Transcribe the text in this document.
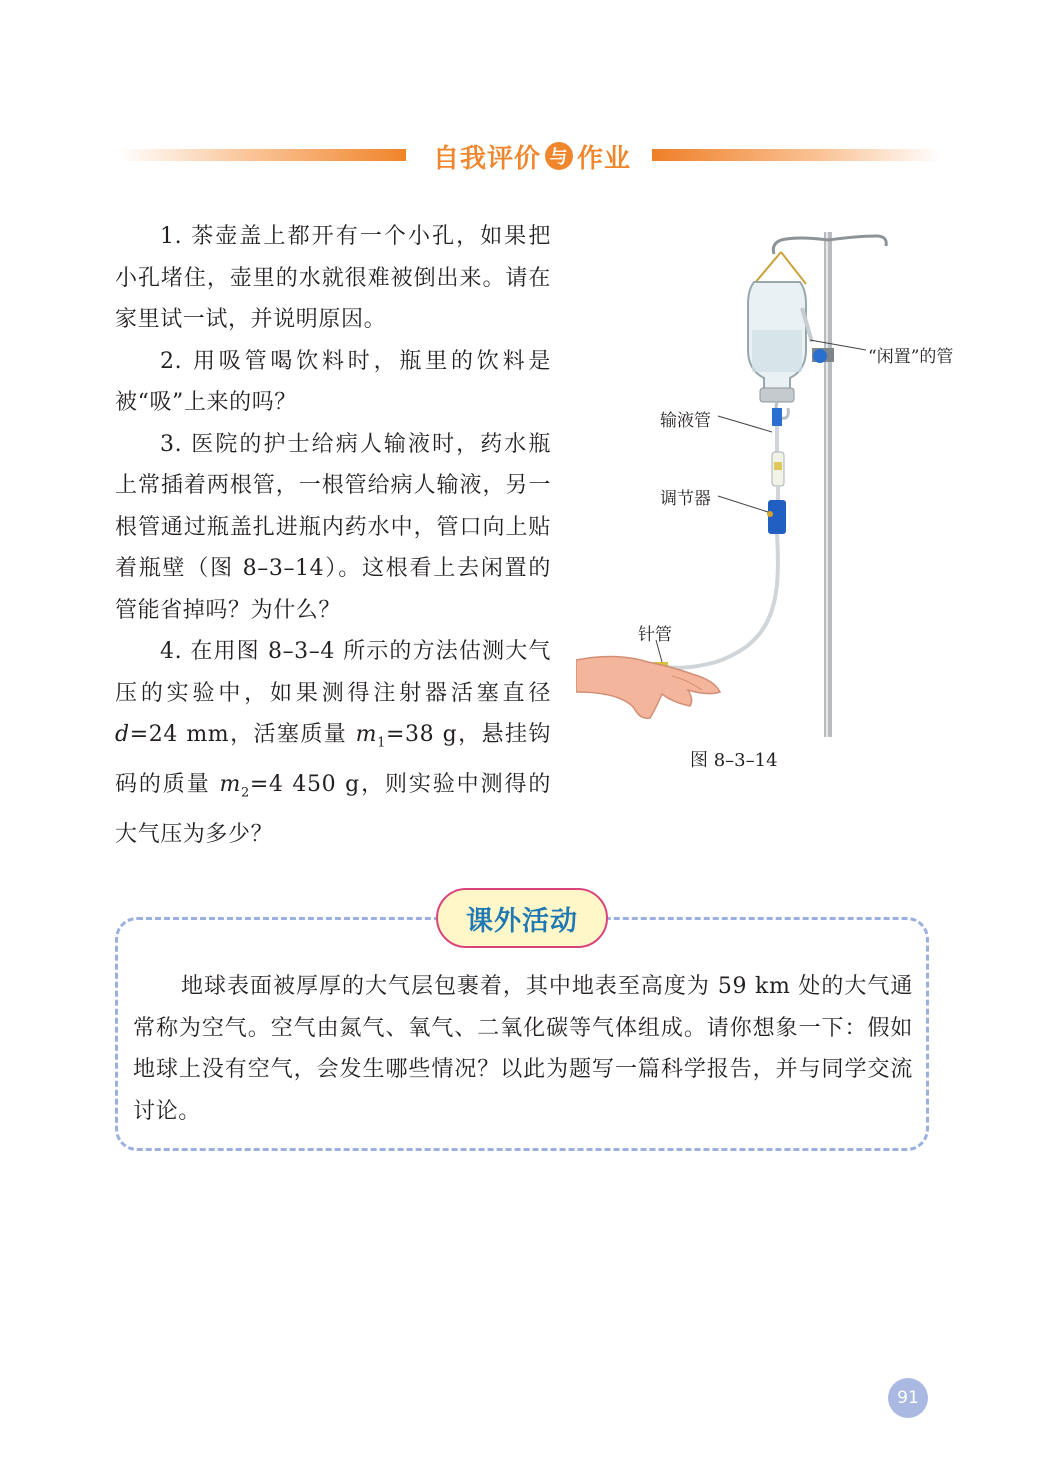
自我评价 与 作业

1. 茶壶盖上都开有一个小孔，如果把小孔堵住，壶里的水就很难被倒出来。请在家里试一试，并说明原因。

2. 用吸管喝饮料时，瓶里的饮料是被“吸”上来的吗？

3. 医院的护士给病人输液时，药水瓶上常插着两根管，一根管给病人输液，另一根管通过瓶盖扎进瓶内药水中，管口向上贴着瓶壁（图 8–3–14）。这根看上去闲置的管能省掉吗？为什么？

4. 在用图 8–3–4 所示的方法估测大气压的实验中，如果测得注射器活塞直径 d=24 mm，活塞质量 $m_1=38$ g，悬挂钩码的质量 $m_2=4$ 450 g，则实验中测得的大气压为多少？

“闲置”的管
输液管
调节器
针管
图 8–3–14
课外活动

地球表面被厚厚的大气层包裹着，其中地表至高度为 59 km 处的大气通常称为空气。空气由氮气、氧气、二氧化碳等气体组成。请你想象一下：假如地球上没有空气，会发生哪些情况？以此为题写一篇科学报告，并与同学交流讨论。

91
